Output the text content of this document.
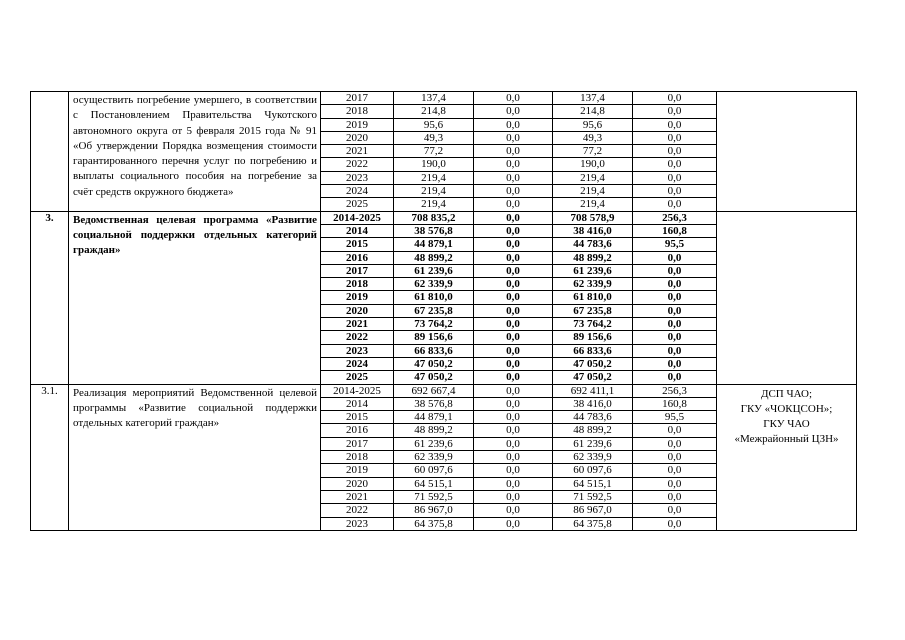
	осуществить погребение умершего, в соответствии с Постановлением Правительства Чукотского автономного округа от 5 февраля 2015 года № 91 «Об утверждении Порядка возмещения стоимости гарантированного перечня услуг по погребению и выплаты социального пособия на погребение за счёт средств окружного бюджета»	2017	137,4	0,0	137,4	0,0	
		2018	214,8	0,0	214,8	0,0	
		2019	95,6	0,0	95,6	0,0	
		2020	49,3	0,0	49,3	0,0	
		2021	77,2	0,0	77,2	0,0	
		2022	190,0	0,0	190,0	0,0	
		2023	219,4	0,0	219,4	0,0	
		2024	219,4	0,0	219,4	0,0	
		2025	219,4	0,0	219,4	0,0	
3.	Ведомственная целевая программа «Развитие социальной поддержки отдельных категорий граждан»	2014-2025	708 835,2	0,0	708 578,9	256,3	
		2014	38 576,8	0,0	38 416,0	160,8	
		2015	44 879,1	0,0	44 783,6	95,5	
		2016	48 899,2	0,0	48 899,2	0,0	
		2017	61 239,6	0,0	61 239,6	0,0	
		2018	62 339,9	0,0	62 339,9	0,0	
		2019	61 810,0	0,0	61 810,0	0,0	
		2020	67 235,8	0,0	67 235,8	0,0	
		2021	73 764,2	0,0	73 764,2	0,0	
		2022	89 156,6	0,0	89 156,6	0,0	
		2023	66 833,6	0,0	66 833,6	0,0	
		2024	47 050,2	0,0	47 050,2	0,0	
		2025	47 050,2	0,0	47 050,2	0,0	
3.1.	Реализация мероприятий Ведомственной целевой программы «Развитие социальной поддержки отдельных категорий граждан»	2014-2025	692 667,4	0,0	692 411,1	256,3	ДСП ЧАО;
ГКУ «ЧОКЦСОН»;
ГКУ ЧАО
«Межрайонный ЦЗН»

		2014	38 576,8	0,0	38 416,0	160,8	
		2015	44 879,1	0,0	44 783,6	95,5	
		2016	48 899,2	0,0	48 899,2	0,0	
		2017	61 239,6	0,0	61 239,6	0,0	
		2018	62 339,9	0,0	62 339,9	0,0	
		2019	60 097,6	0,0	60 097,6	0,0	
		2020	64 515,1	0,0	64 515,1	0,0	
		2021	71 592,5	0,0	71 592,5	0,0	
		2022	86 967,0	0,0	86 967,0	0,0	
		2023	64 375,8	0,0	64 375,8	0,0	
